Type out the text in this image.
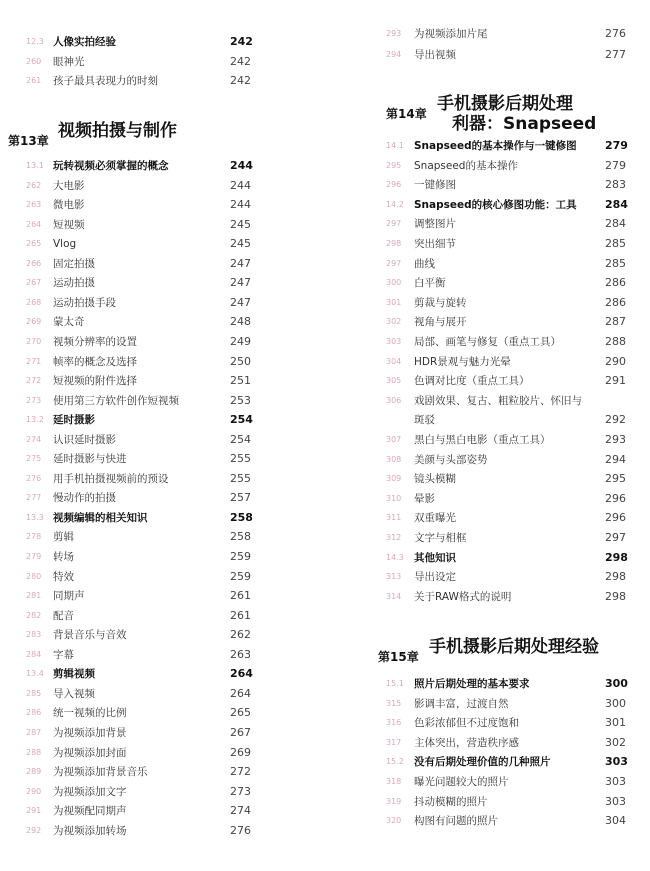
12.3 人像实拍经验	242
260 眼神光	242
261 孩子最具表现力的时刻	242
第13章 视频拍摄与制作
13.1 玩转视频必须掌握的概念	244
262 大电影	244
263 微电影	244
264 短视频	245
265 Vlog	245
266 固定拍摄	247
267 运动拍摄	247
268 运动拍摄手段	247
269 蒙太奇	248
270 视频分辨率的设置	249
271 帧率的概念及选择	250
272 短视频的附件选择	251
273 使用第三方软件创作短视频	253
13.2 延时摄影	254
274 认识延时摄影	254
275 延时摄影与快进	255
276 用手机拍摄视频前的预设	255
277 慢动作的拍摄	257
13.3 视频编辑的相关知识	258
278 剪辑	258
279 转场	259
280 特效	259
281 同期声	261
282 配音	261
283 背景音乐与音效	262
284 字幕	263
13.4 剪辑视频	264
285 导入视频	264
286 统一视频的比例	265
287 为视频添加背景	267
288 为视频添加封面	269
289 为视频添加背景音乐	272
290 为视频添加文字	273
291 为视频配同期声	274
292 为视频添加转场	276
293 为视频添加片尾	276
294 导出视频	277
第14章 手机摄影后期处理
利器：Snapseed
14.1 Snapseed的基本操作与一键修图	279
295 Snapseed的基本操作	279
296 一键修图	283
14.2 Snapseed的核心修图功能：工具	284
297 调整图片	284
298 突出细节	285
297 曲线	285
300 白平衡	286
301 剪裁与旋转	286
302 视角与展开	287
303 局部、画笔与修复（重点工具）	288
304 HDR景观与魅力光晕	290
305 色调对比度（重点工具）	291
306 戏剧效果、复古、粗粒胶片、怀旧与
斑驳	292
307 黑白与黑白电影（重点工具）	293
308 美颜与头部姿势	294
309 镜头模糊	295
310 晕影	296
311 双重曝光	296
312 文字与相框	297
14.3 其他知识	298
313 导出设定	298
314 关于RAW格式的说明	298
第15章 手机摄影后期处理经验
15.1 照片后期处理的基本要求	300
315 影调丰富，过渡自然	300
316 色彩浓郁但不过度饱和	301
317 主体突出，营造秩序感	302
15.2 没有后期处理价值的几种照片	303
318 曝光问题较大的照片	303
319 抖动模糊的照片	303
320 构图有问题的照片	304
